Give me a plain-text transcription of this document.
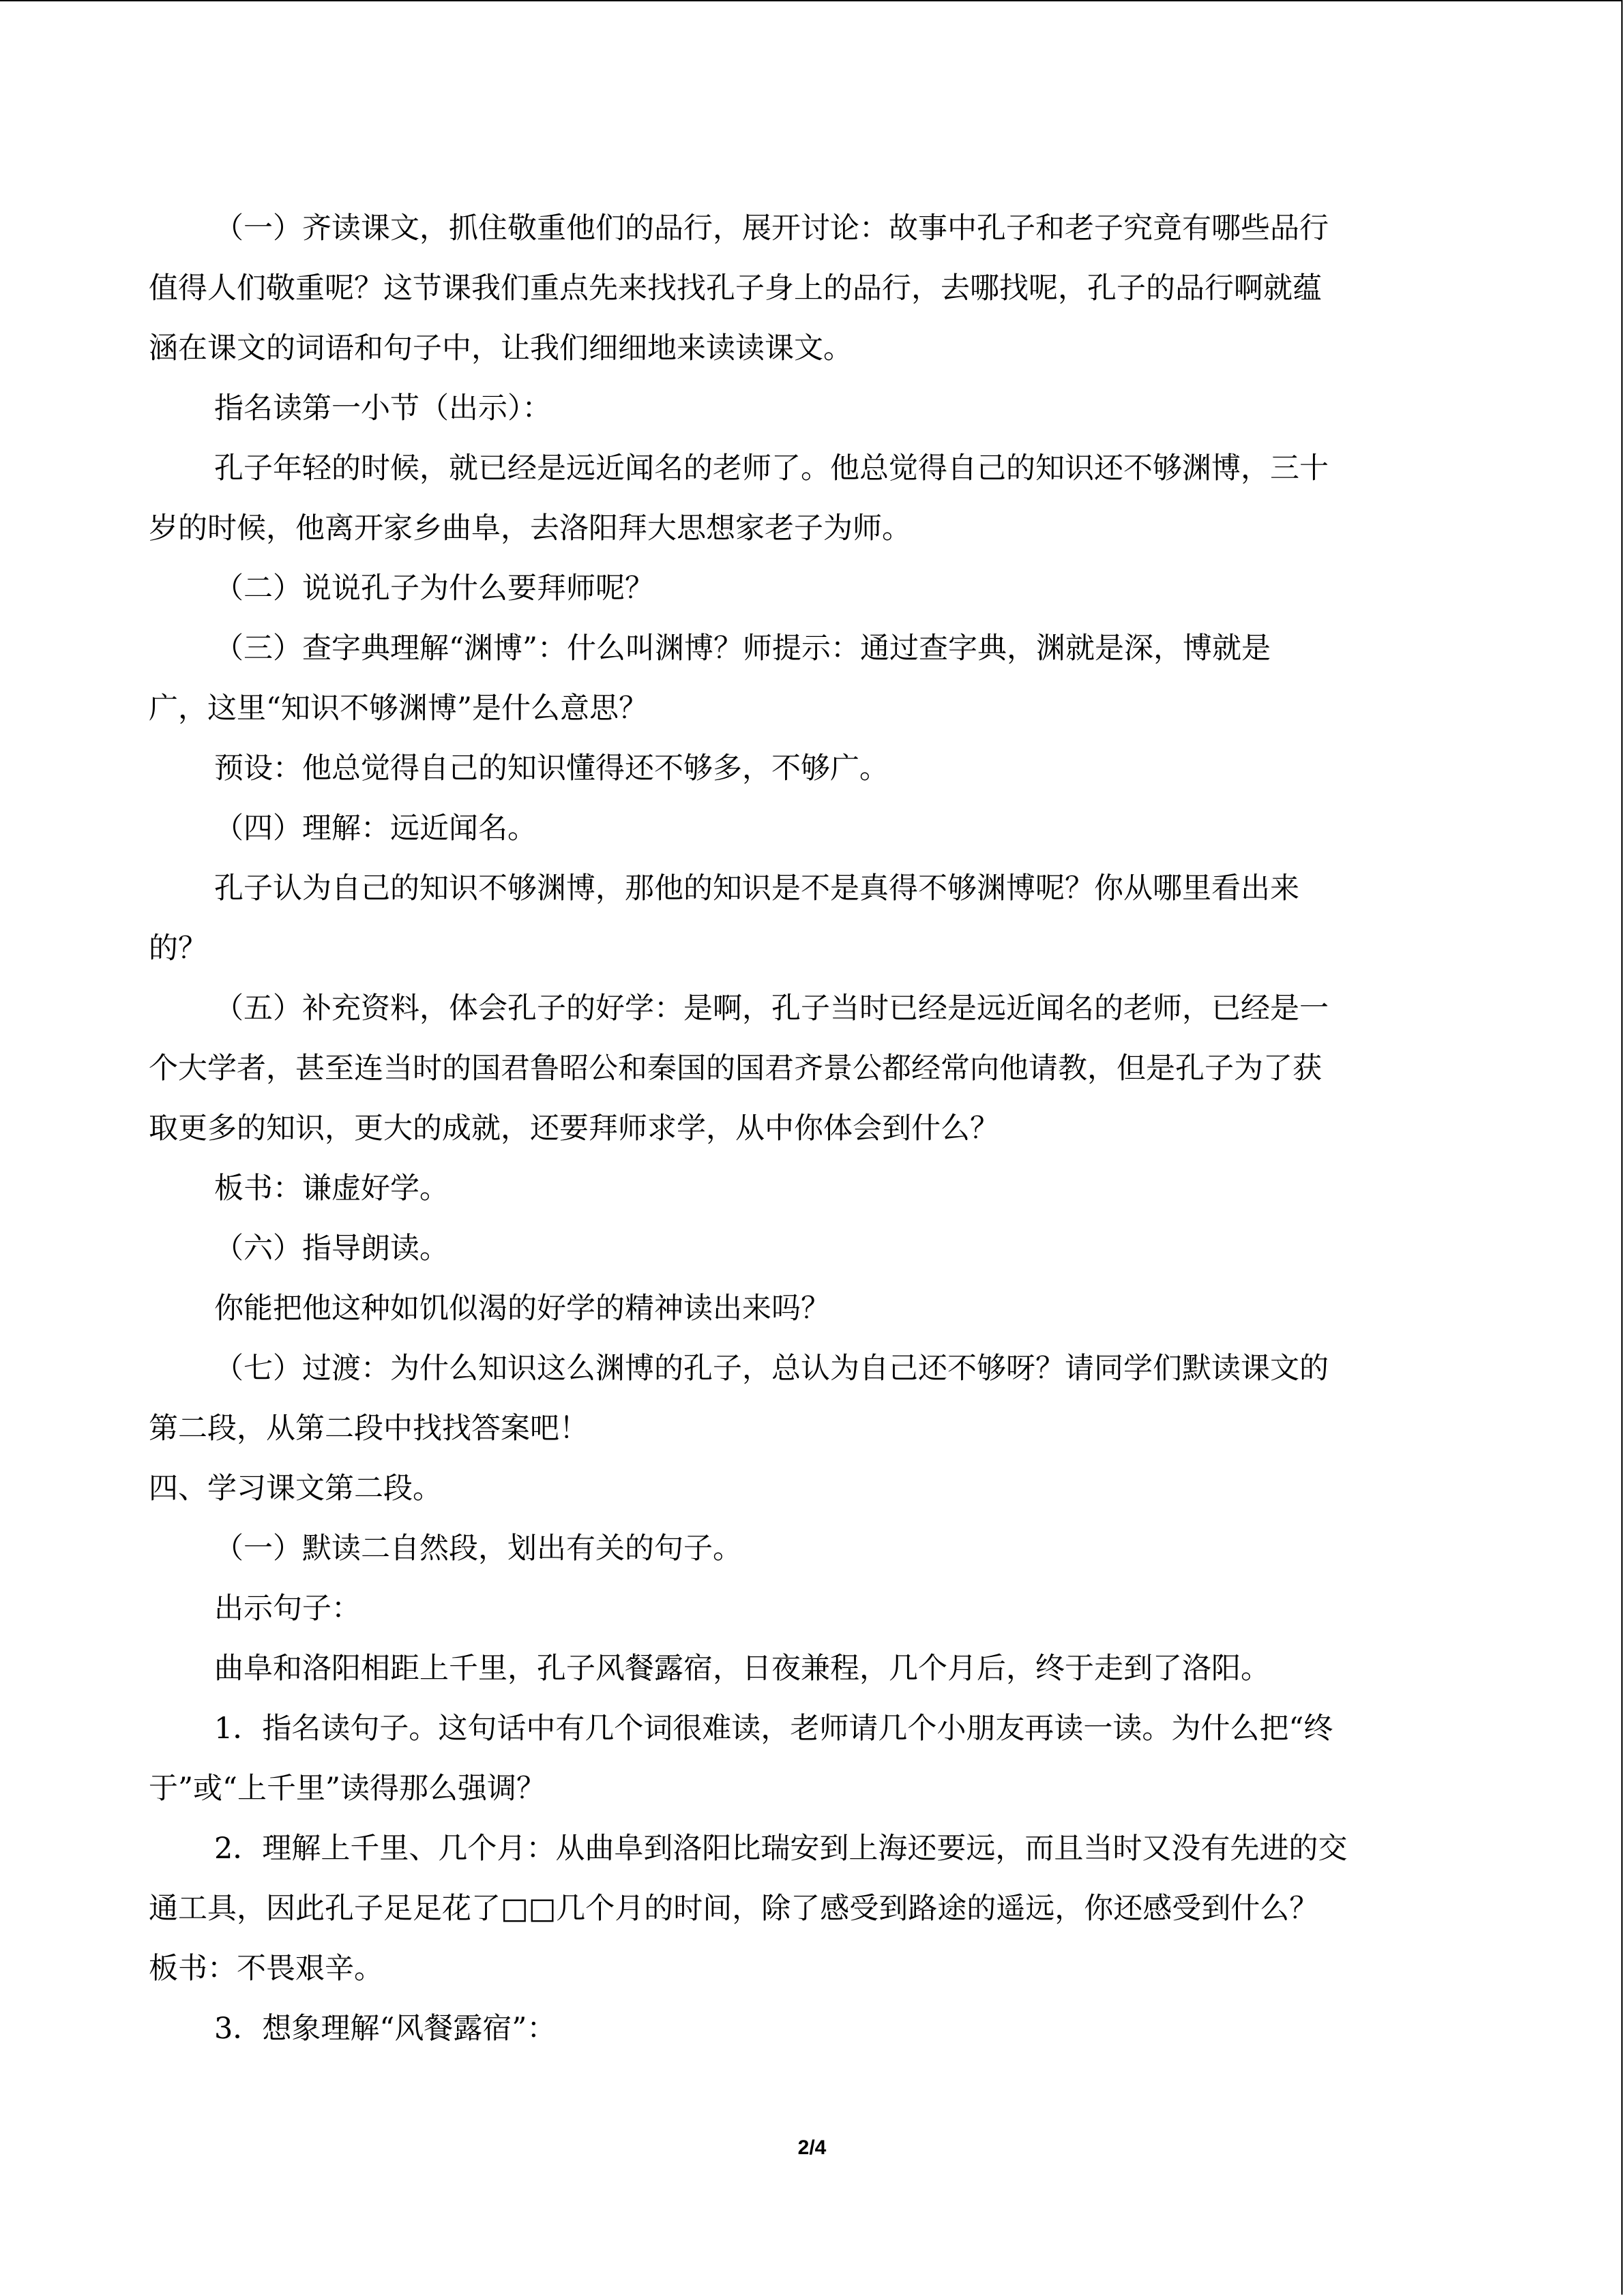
（一）齐读课文，抓住敬重他们的品行，展开讨论：故事中孔子和老子究竟有哪些品行
值得人们敬重呢？这节课我们重点先来找找孔子身上的品行，去哪找呢，孔子的品行啊就蕴
涵在课文的词语和句子中，让我们细细地来读读课文。
指名读第一小节（出示）：
孔子年轻的时候，就已经是远近闻名的老师了。他总觉得自己的知识还不够渊博，三十
岁的时候，他离开家乡曲阜，去洛阳拜大思想家老子为师。
（二）说说孔子为什么要拜师呢？
（三）查字典理解“渊博”：什么叫渊博？师提示：通过查字典，渊就是深，博就是
广，这里“知识不够渊博”是什么意思？
预设：他总觉得自己的知识懂得还不够多，不够广。
（四）理解：远近闻名。
孔子认为自己的知识不够渊博，那他的知识是不是真得不够渊博呢？你从哪里看出来
的？
（五）补充资料，体会孔子的好学：是啊，孔子当时已经是远近闻名的老师，已经是一
个大学者，甚至连当时的国君鲁昭公和秦国的国君齐景公都经常向他请教，但是孔子为了获
取更多的知识，更大的成就，还要拜师求学，从中你体会到什么？
板书：谦虚好学。
（六）指导朗读。
你能把他这种如饥似渴的好学的精神读出来吗？
（七）过渡：为什么知识这么渊博的孔子，总认为自己还不够呀？请同学们默读课文的
第二段，从第二段中找找答案吧！
四、学习课文第二段。
（一）默读二自然段，划出有关的句子。
出示句子：
曲阜和洛阳相距上千里，孔子风餐露宿，日夜兼程，几个月后，终于走到了洛阳。
1．指名读句子。这句话中有几个词很难读，老师请几个小朋友再读一读。为什么把“终
于”或“上千里”读得那么强调？
2．理解上千里、几个月：从曲阜到洛阳比瑞安到上海还要远，而且当时又没有先进的交
通工具，因此孔子足足花了□□几个月的时间，除了感受到路途的遥远，你还感受到什么？
板书：不畏艰辛。
3．想象理解“风餐露宿”：
2/4
